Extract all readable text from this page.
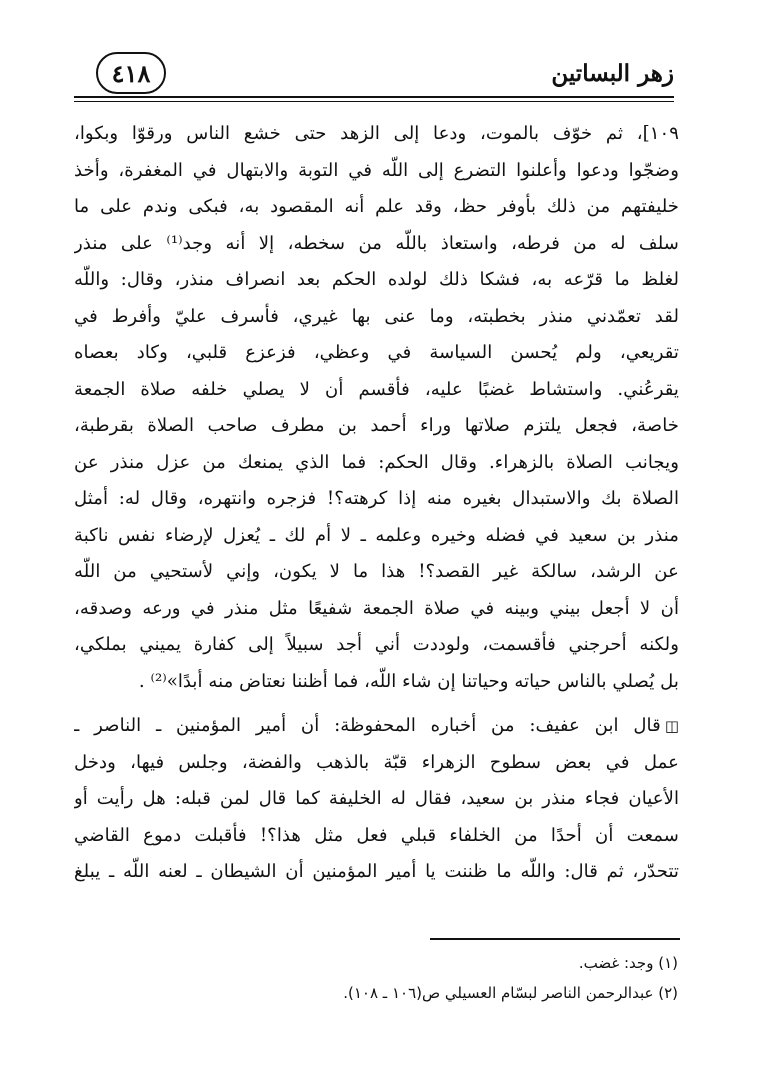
٤١٨	زهر البساتين
١٠٩]، ثم خوّف بالموت، ودعا إلى الزهد حتى خشع الناس ورقوّا وبكوا،
وضجّوا ودعوا وأعلنوا التضرع إلى اللّه في التوبة والابتهال في المغفرة، وأخذ
خليفتهم من ذلك بأوفر حظ، وقد علم أنه المقصود به، فبكى وندم على ما
سلف له من فرطه، واستعاذ باللّه من سخطه، إلا أنه وجد⁽¹⁾ على منذر
لغلظ ما قرّعه به، فشكا ذلك لولده الحكم بعد انصراف منذر، وقال: واللّه
لقد تعمّدني منذر بخطبته، وما عنى بها غيري، فأسرف عليّ وأفرط في
تقريعي، ولم يُحسن السياسة في وعظي، فزعزع قلبي، وكاد بعصاه
يقرعُني. واستشاط غضبًا عليه، فأقسم أن لا يصلي خلفه صلاة الجمعة
خاصة، فجعل يلتزم صلاتها وراء أحمد بن مطرف صاحب الصلاة بقرطبة،
ويجانب الصلاة بالزهراء. وقال الحكم: فما الذي يمنعك من عزل منذر عن
الصلاة بك والاستبدال بغيره منه إذا كرهته؟! فزجره وانتهره، وقال له: أمثل
منذر بن سعيد في فضله وخيره وعلمه ـ لا أم لك ـ يُعزل لإرضاء نفس ناكبة
عن الرشد، سالكة غير القصد؟! هذا ما لا يكون، وإني لأستحيي من اللّه
أن لا أجعل بيني وبينه في صلاة الجمعة شفيعًا مثل منذر في ورعه وصدقه،
ولكنه أحرجني فأقسمت، ولوددت أني أجد سبيلاً إلى كفارة يميني بملكي،
بل يُصلي بالناس حياته وحياتنا إن شاء اللّه، فما أظننا نعتاض منه أبدًا»⁽²⁾ .
◫قال ابن عفيف: من أخباره المحفوظة: أن أمير المؤمنين ـ الناصر ـ
عمل في بعض سطوح الزهراء قبّة بالذهب والفضة، وجلس فيها، ودخل
الأعيان فجاء منذر بن سعيد، فقال له الخليفة كما قال لمن قبله: هل رأيت أو
سمعت أن أحدًا من الخلفاء قبلي فعل مثل هذا؟! فأقبلت دموع القاضي
تتحدّر، ثم قال: واللّه ما ظننت يا أمير المؤمنين أن الشيطان ـ لعنه اللّه ـ يبلغ
(١) وجد: غضب.
(٢) عبدالرحمن الناصر لبسّام العسيلي ص(١٠٦ ـ ١٠٨).
